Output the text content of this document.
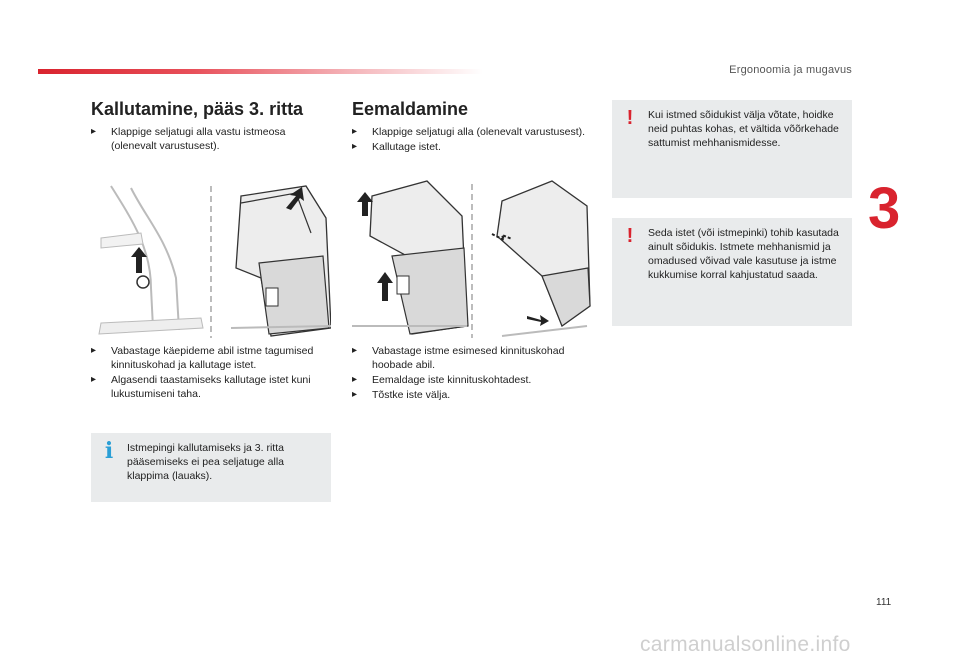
Ergonoomia ja mugavus
3
Kallutamine, pääs 3. ritta
▸ Klappige seljatugi alla vastu istmeosa (olenevalt varustusest).
▸ Vabastage käepideme abil istme tagumised kinnituskohad ja kallutage istet.
▸ Algasendi taastamiseks kallutage istet kuni lukustumiseni taha.
i	Istmepingi kallutamiseks ja 3. ritta pääsemiseks ei pea seljatuge alla klappima (lauaks).
Eemaldamine
▸ Klappige seljatugi alla (olenevalt varustusest).
▸ Kallutage istet.
▸ Vabastage istme esimesed kinnituskohad hoobade abil.
▸ Eemaldage iste kinnituskohtadest.
▸ Tõstke iste välja.
!	Kui istmed sõidukist välja võtate, hoidke neid puhtas kohas, et vältida võõrkehade sattumist mehhanismidesse.
!	Seda istet (või istmepinki) tohib kasutada ainult sõidukis. Istmete mehhanismid ja omadused võivad vale kasutuse ja istme kukkumise korral kahjustatud saada.
111
carmanualsonline.info
